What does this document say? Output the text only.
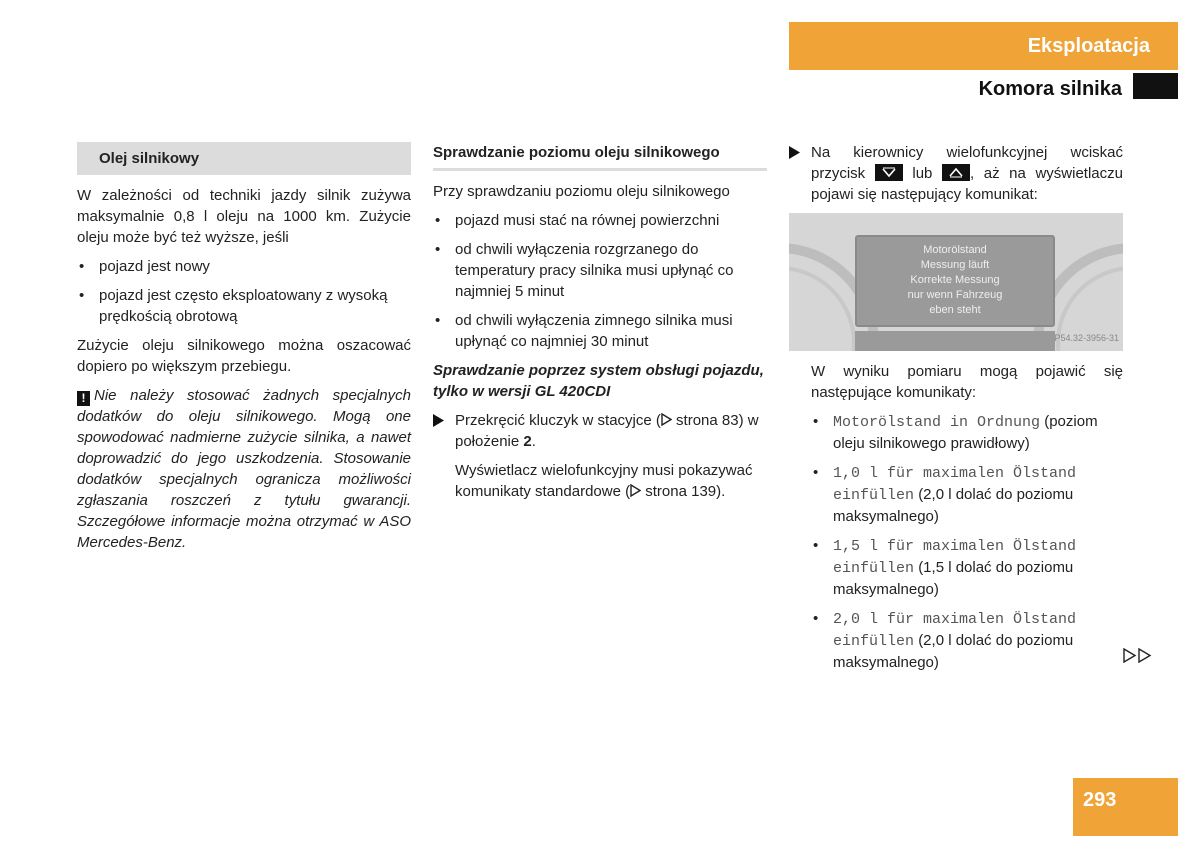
Eksploatacja
Komora silnika
Olej silnikowy

W zależności od techniki jazdy silnik zużywa maksymalnie 0,8 l oleju na 1000 km. Zużycie oleju może być też wyższe, jeśli

• pojazd jest nowy
• pojazd jest często eksploatowany z wysoką prędkością obrotową

Zużycie oleju silnikowego można oszacować dopiero po większym przebiegu.

! Nie należy stosować żadnych specjalnych dodatków do oleju silnikowego. Mogą one spowodować nadmierne zużycie silnika, a nawet doprowadzić do jego uszkodzenia. Stosowanie dodatków specjalnych ogranicza możliwości zgłaszania roszczeń z tytułu gwarancji. Szczegółowe informacje można otrzymać w ASO Mercedes-Benz.

Sprawdzanie poziomu oleju silnikowego

Przy sprawdzaniu poziomu oleju silnikowego

• pojazd musi stać na równej powierzchni
• od chwili wyłączenia rozgrzanego do temperatury pracy silnika musi upłynąć co najmniej 5 minut
• od chwili wyłączenia zimnego silnika musi upłynąć co najmniej 30 minut

Sprawdzanie poprzez system obsługi pojazdu, tylko w wersji GL 420CDI

Przekręcić kluczyk w stacyjce ( strona 83) w położenie 2.

Wyświetlacz wielofunkcyjny musi pokazywać komunikaty standardowe ( strona 139).

Na kierownicy wielofunkcyjnej wciskać przycisk	lub	, aż na wyświetlaczu pojawi się następujący komunikat:
Motorölstand
Messung läuft
Korrekte Messung
nur wenn Fahrzeug
eben steht
P54.32-3956-31

W wyniku pomiaru mogą pojawić się następujące komunikaty:

• Motorölstand in Ordnung (poziom oleju silnikowego prawidłowy)
• 1,0 l für maximalen Ölstand einfüllen (2,0 l dolać do poziomu maksymalnego)
• 1,5 l für maximalen Ölstand einfüllen (1,5 l dolać do poziomu maksymalnego)
• 2,0 l für maximalen Ölstand einfüllen (2,0 l dolać do poziomu maksymalnego)
293
